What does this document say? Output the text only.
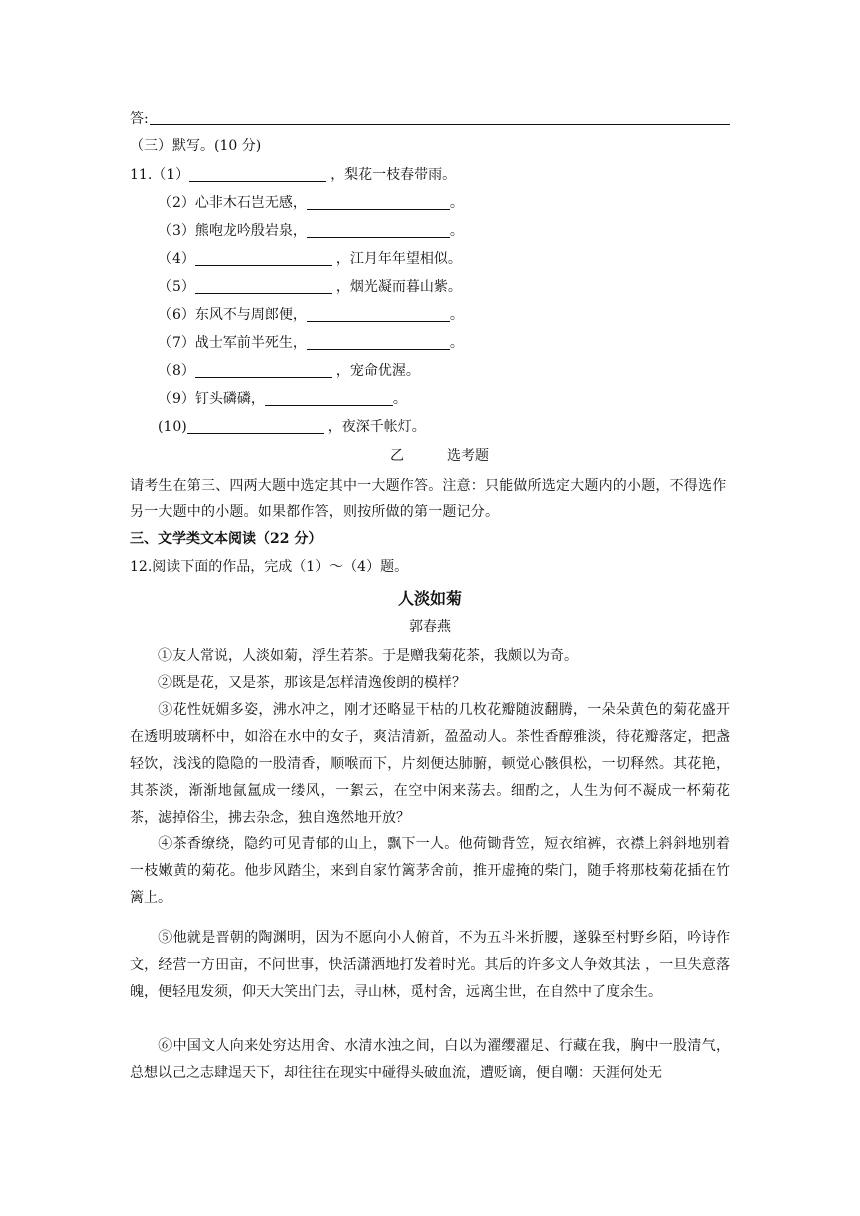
答:
（三）默写。(10 分)
11.（1）	，梨花一枝春带雨。
（2）心非木石岂无感，	。
（3）熊咆龙吟殷岩泉，	。
（4）	，江月年年望相似。
（5）	，烟光凝而暮山紫。
（6）东风不与周郎便，	。
（7）战士军前半死生，	。
（8）	，宠命优渥。
（9）钉头磷磷，	。
(10)	，夜深千帐灯。
乙	选考题
请考生在第三、四两大题中选定其中一大题作答。注意：只能做所选定大题内的小题，不得选作另一大题中的小题。如果都作答，则按所做的第一题记分。
三、文学类文本阅读（22 分）
12.阅读下面的作品，完成（1）～（4）题。
人淡如菊
郭春燕
①友人常说，人淡如菊，浮生若茶。于是赠我菊花茶，我颇以为奇。
②既是花，又是茶，那该是怎样清逸俊朗的模样？
③花性妩媚多姿，沸水冲之，刚才还略显干枯的几枚花瓣随波翻腾，一朵朵黄色的菊花盛开在透明玻璃杯中，如浴在水中的女子，爽洁清新，盈盈动人。茶性香醇雅淡，待花瓣落定，把盏轻饮，浅浅的隐隐的一股清香，顺喉而下，片刻便达肺腑，顿觉心骸俱松，一切释然。其花艳，其茶淡，渐渐地氤氲成一缕风，一絮云，在空中闲来荡去。细酌之，人生为何不凝成一杯菊花茶，滤掉俗尘，拂去杂念，独自逸然地开放？
④茶香缭绕，隐约可见青郁的山上，飘下一人。他荷锄背笠，短衣绾裤，衣襟上斜斜地别着一枝嫩黄的菊花。他步风踏尘，来到自家竹篱茅舍前，推开虚掩的柴门，随手将那枝菊花插在竹篱上。
⑤他就是晋朝的陶渊明，因为不愿向小人俯首，不为五斗米折腰，遂躲至村野乡陌，吟诗作文，经营一方田亩，不问世事，快活潇洒地打发着时光。其后的许多文人争效其法 ，一旦失意落魄，便轻甩发须，仰天大笑出门去，寻山林，觅村舍，远离尘世，在自然中了度余生。
⑥中国文人向来处穷达用舍、水清水浊之间，白以为濯缨濯足、行藏在我，胸中一股清气，总想以己之志肆逞天下，却往往在现实中碰得头破血流，遭贬谪，便自嘲：天涯何处无
